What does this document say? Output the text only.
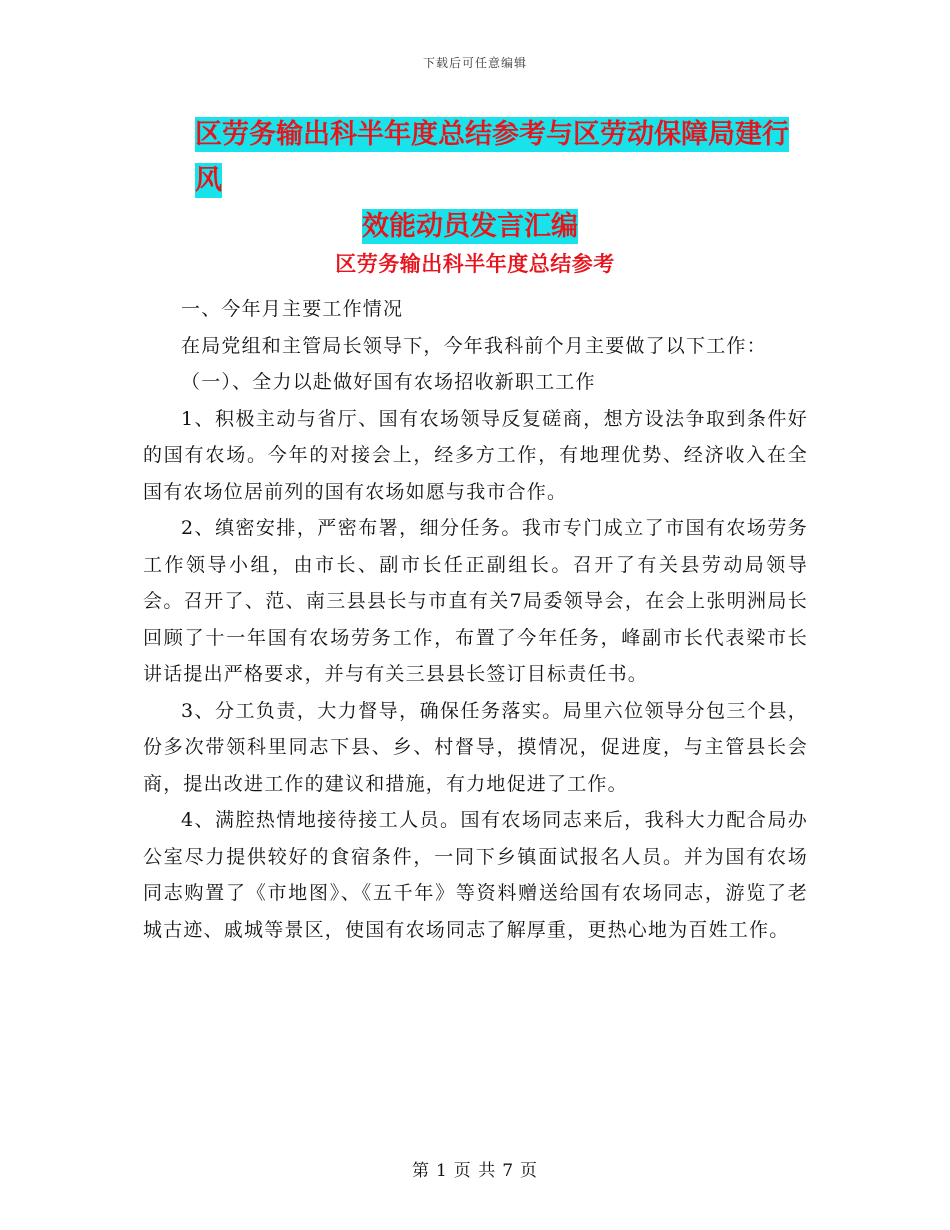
下载后可任意编辑
区劳务输出科半年度总结参考与区劳动保障局建行风
效能动员发言汇编
区劳务输出科半年度总结参考

一、今年月主要工作情况

在局党组和主管局长领导下，今年我科前个月主要做了以下工作：

（一）、全力以赴做好国有农场招收新职工工作

1、积极主动与省厅、国有农场领导反复磋商，想方设法争取到条件好的国有农场。今年的对接会上，经多方工作，有地理优势、经济收入在全国有农场位居前列的国有农场如愿与我市合作。

2、缜密安排，严密布署，细分任务。我市专门成立了市国有农场劳务工作领导小组，由市长、副市长任正副组长。召开了有关县劳动局领导会。召开了、范、南三县县长与市直有关7局委领导会，在会上张明洲局长回顾了十一年国有农场劳务工作，布置了今年任务，峰副市长代表梁市长讲话提出严格要求，并与有关三县县长签订目标责任书。

3、分工负责，大力督导，确保任务落实。局里六位领导分包三个县，份多次带领科里同志下县、乡、村督导，摸情况，促进度，与主管县长会商，提出改进工作的建议和措施，有力地促进了工作。

4、满腔热情地接待接工人员。国有农场同志来后，我科大力配合局办公室尽力提供较好的食宿条件，一同下乡镇面试报名人员。并为国有农场同志购置了《市地图》、《五千年》等资料赠送给国有农场同志，游览了老城古迹、戚城等景区，使国有农场同志了解厚重，更热心地为百姓工作。

第 1 页 共 7 页
